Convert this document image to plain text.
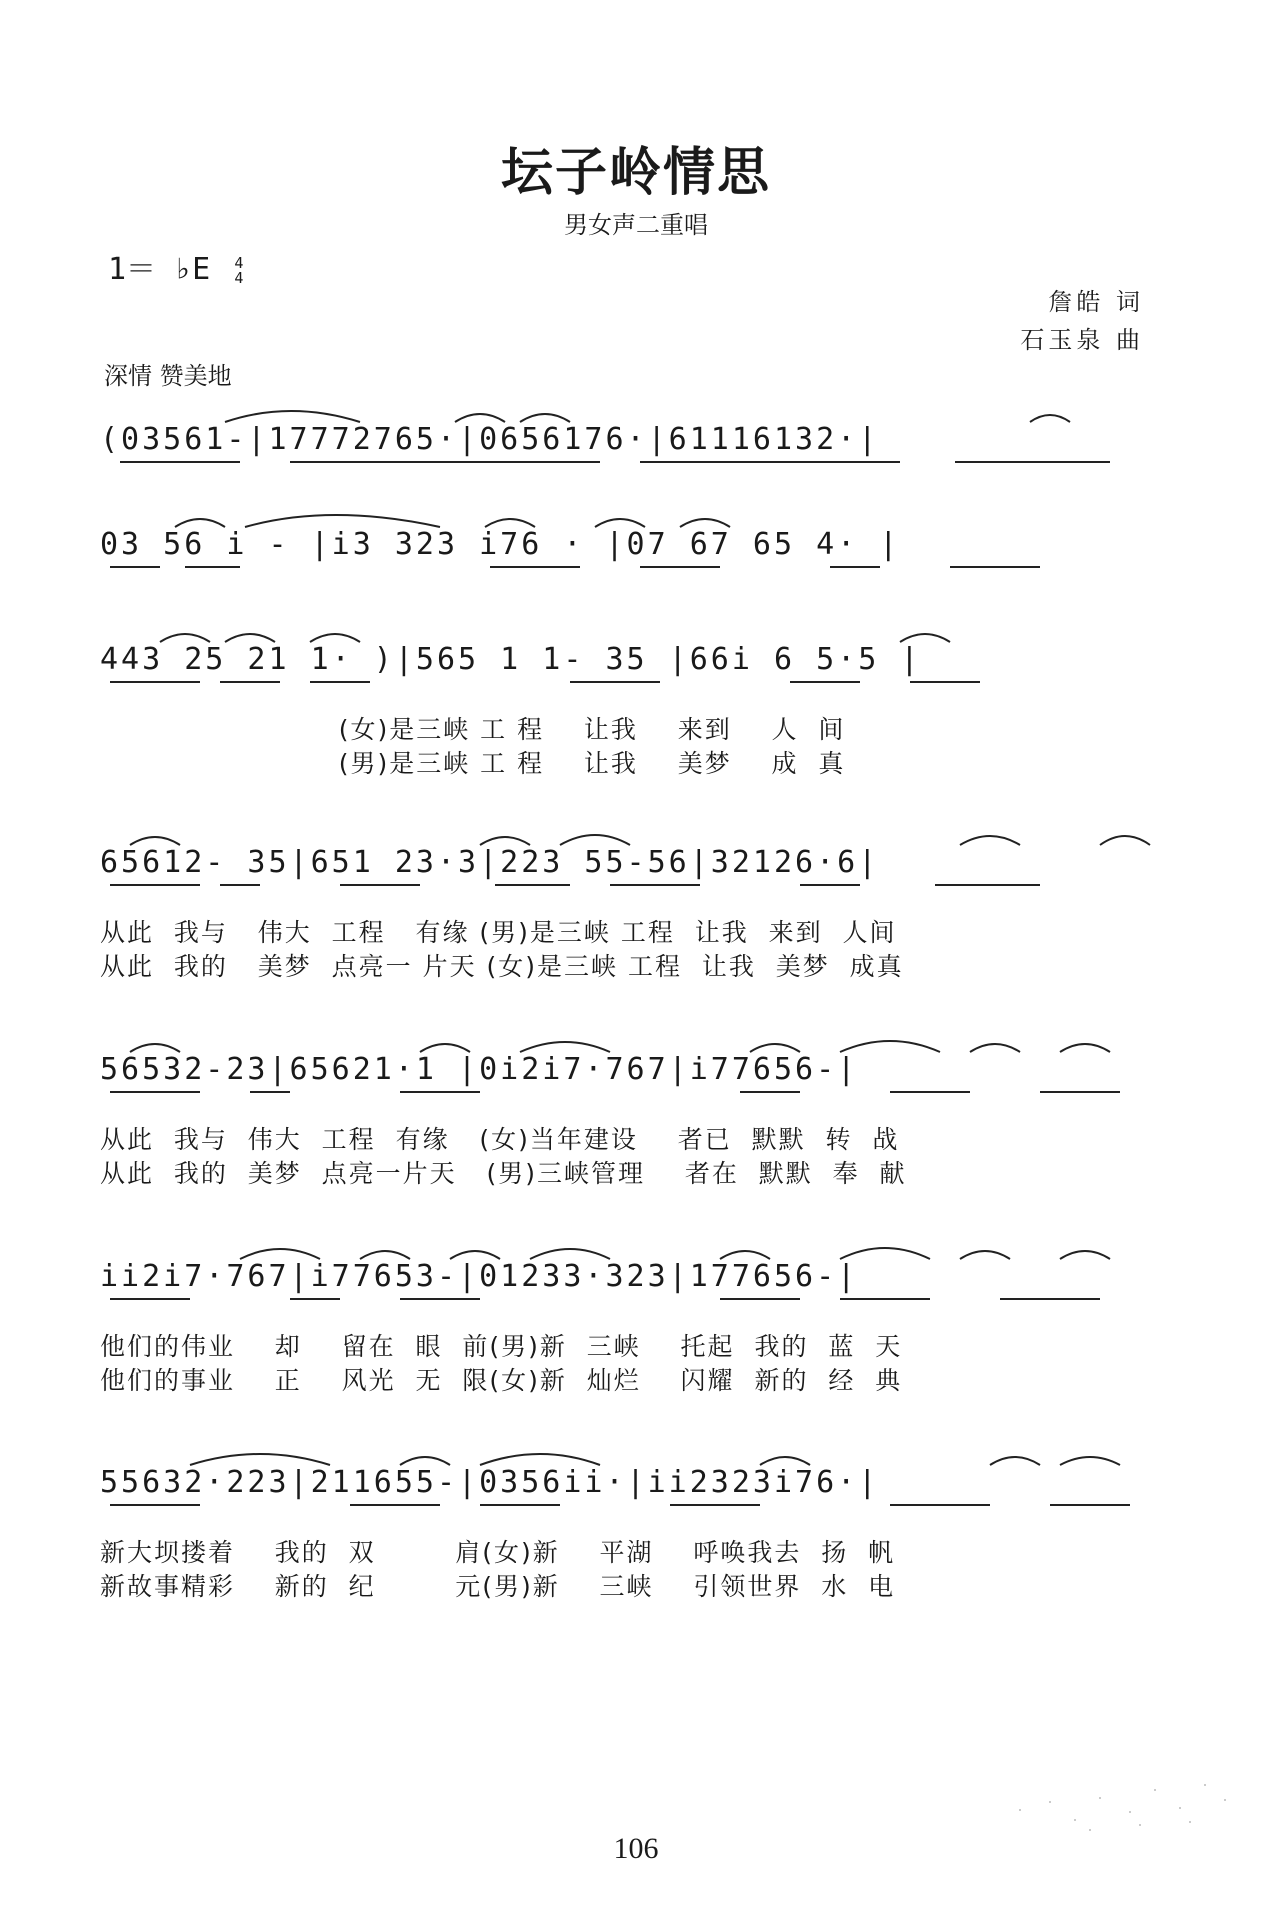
坛子岭情思
男女声二重唱
1＝ ♭E 4
4
詹皓 词
石玉泉 曲
深情 赞美地
(03561-|17772765·|0656176·|61116132·|
03 56 i - |i3 323 i76 · |07 67 65 4· |
443 25 21 1· )|565 1 1- 35 |66i 6 5·5 |
(女)是三峡 工 程    让我    来到    人  间
(男)是三峡 工 程    让我    美梦    成  真
65612- 35|651 23·3|223 55-56|32126·6|
从此  我与   伟大  工程   有缘 (男)是三峡 工程  让我  来到  人间
从此  我的   美梦  点亮一 片天 (女)是三峡 工程  让我  美梦  成真
56532-23|65621·1 |0i2i7·767|i77656-|
从此  我与  伟大  工程  有缘   (女)当年建设    者已  默默  转  战
从此  我的  美梦  点亮一片天   (男)三峡管理    者在  默默  奉  献
ii2i7·767|i77653-|01233·323|177656-|
他们的伟业    却    留在  眼  前(男)新  三峡    托起  我的  蓝  天
他们的事业    正    风光  无  限(女)新  灿烂    闪耀  新的  经  典
55632·223|211655-|0356ii·|ii2323i76·|
新大坝搂着    我的  双        肩(女)新    平湖    呼唤我去  扬  帆
新故事精彩    新的  纪        元(男)新    三峡    引领世界  水  电
106
